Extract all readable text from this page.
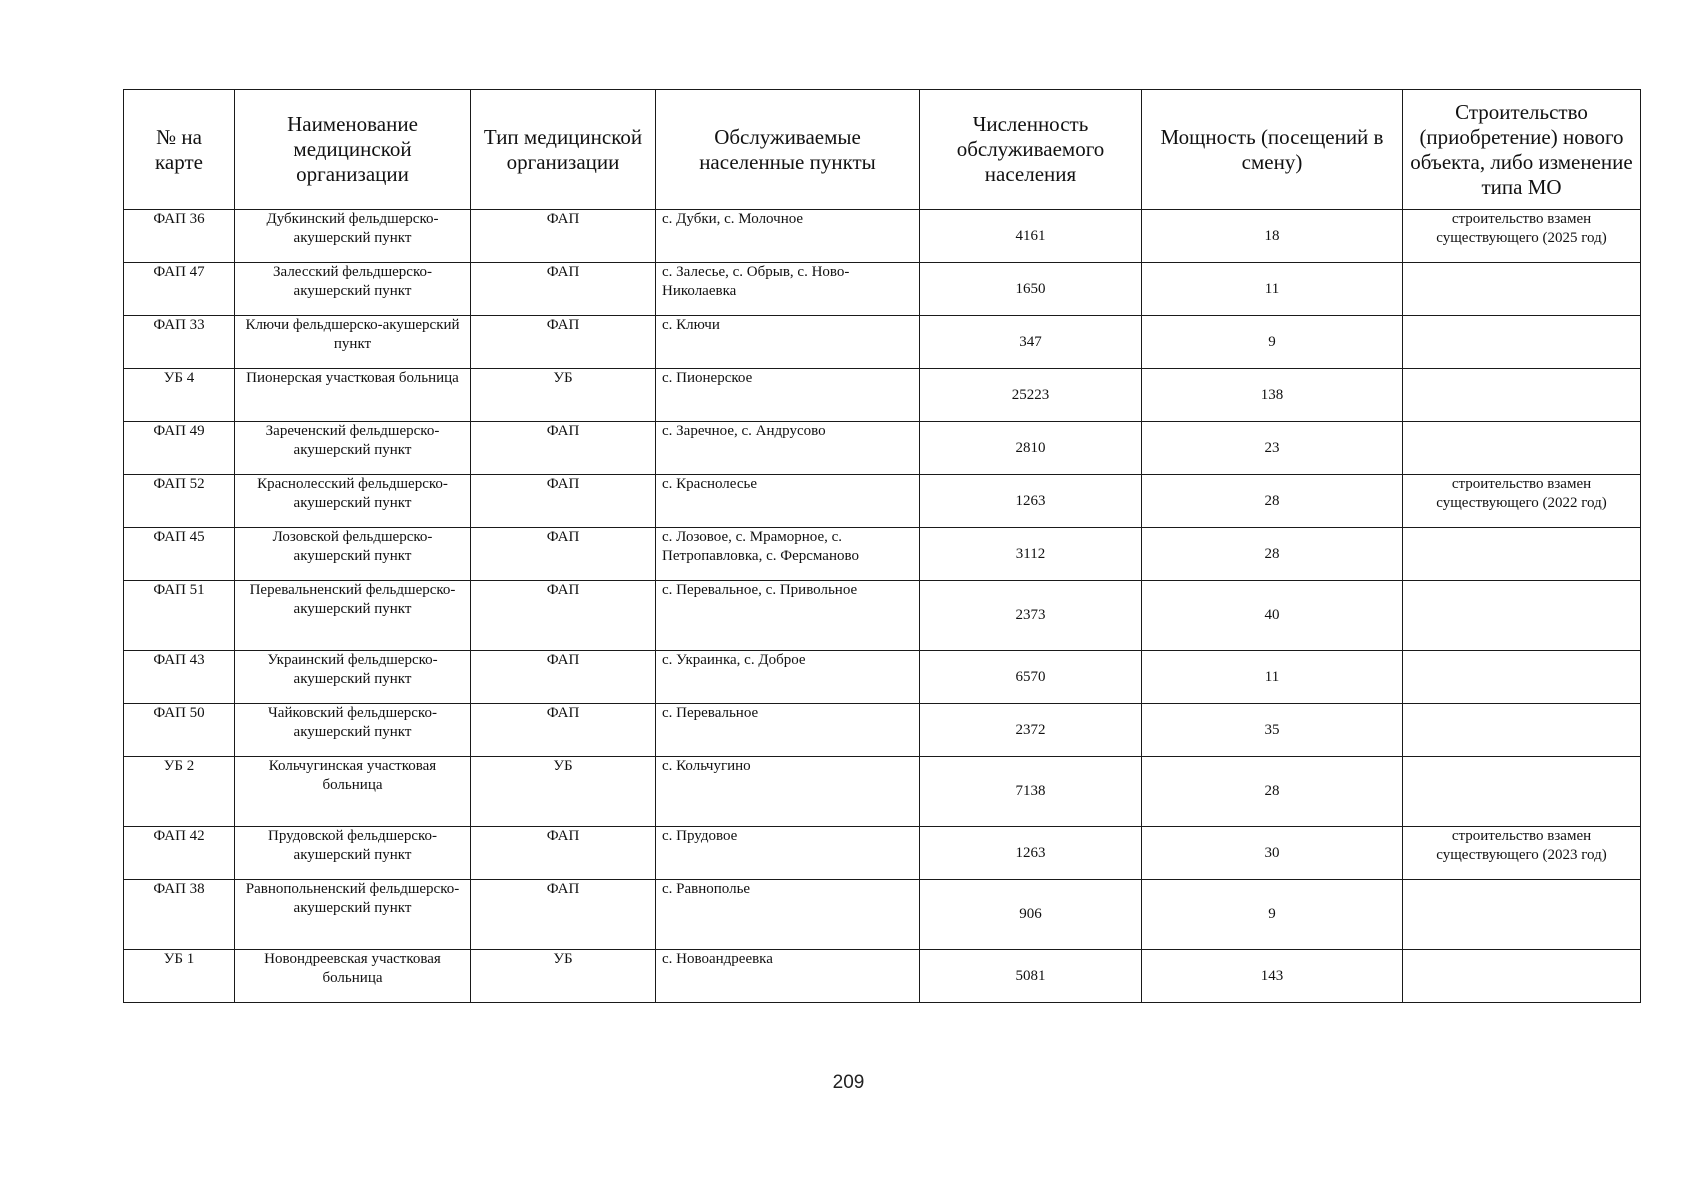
№ на карте	Наименование медицинской организации	Тип медицинской организации	Обслуживаемые населенные пункты	Численность обслуживаемого населения	Мощность (посещений в смену)	Строительство (приобретение) нового объекта, либо изменение типа МО
ФАП 36	Дубкинский фельдшерско-акушерский пункт	ФАП	с. Дубки, с. Молочное	4161	18	строительство взамен существующего (2025 год)
ФАП 47	Залесский фельдшерско-акушерский пункт	ФАП	с. Залесье, с. Обрыв, с. Ново-Николаевка	1650	11	
ФАП 33	Ключи фельдшерско-акушерский пункт	ФАП	с. Ключи	347	9	
УБ 4	Пионерская участковая больница	УБ	с. Пионерское	25223	138	
ФАП 49	Зареченский фельдшерско-акушерский пункт	ФАП	с. Заречное, с. Андрусово	2810	23	
ФАП 52	Краснолесский фельдшерско-акушерский пункт	ФАП	с. Краснолесье	1263	28	строительство взамен существующего (2022 год)
ФАП 45	Лозовской фельдшерско-акушерский пункт	ФАП	с. Лозовое, с. Мраморное, с. Петропавловка, с. Ферсманово	3112	28	
ФАП 51	Перевальненский фельдшерско- акушерский пункт	ФАП	с. Перевальное, с. Привольное	2373	40	
ФАП 43	Украинский фельдшерско-акушерский пункт	ФАП	с. Украинка, с. Доброе	6570	11	
ФАП 50	Чайковский фельдшерско-акушерский пункт	ФАП	с. Перевальное	2372	35	
УБ 2	Кольчугинская участковая больница	УБ	с. Кольчугино	7138	28	
ФАП 42	Прудовской фельдшерско-акушерский пункт	ФАП	с. Прудовое	1263	30	строительство взамен существующего (2023 год)
ФАП 38	Равнопольненский фельдшерско- акушерский пункт	ФАП	с. Равнополье	906	9	
УБ 1	Новондреевская участковая больница	УБ	с. Новоандреевка	5081	143	
209
